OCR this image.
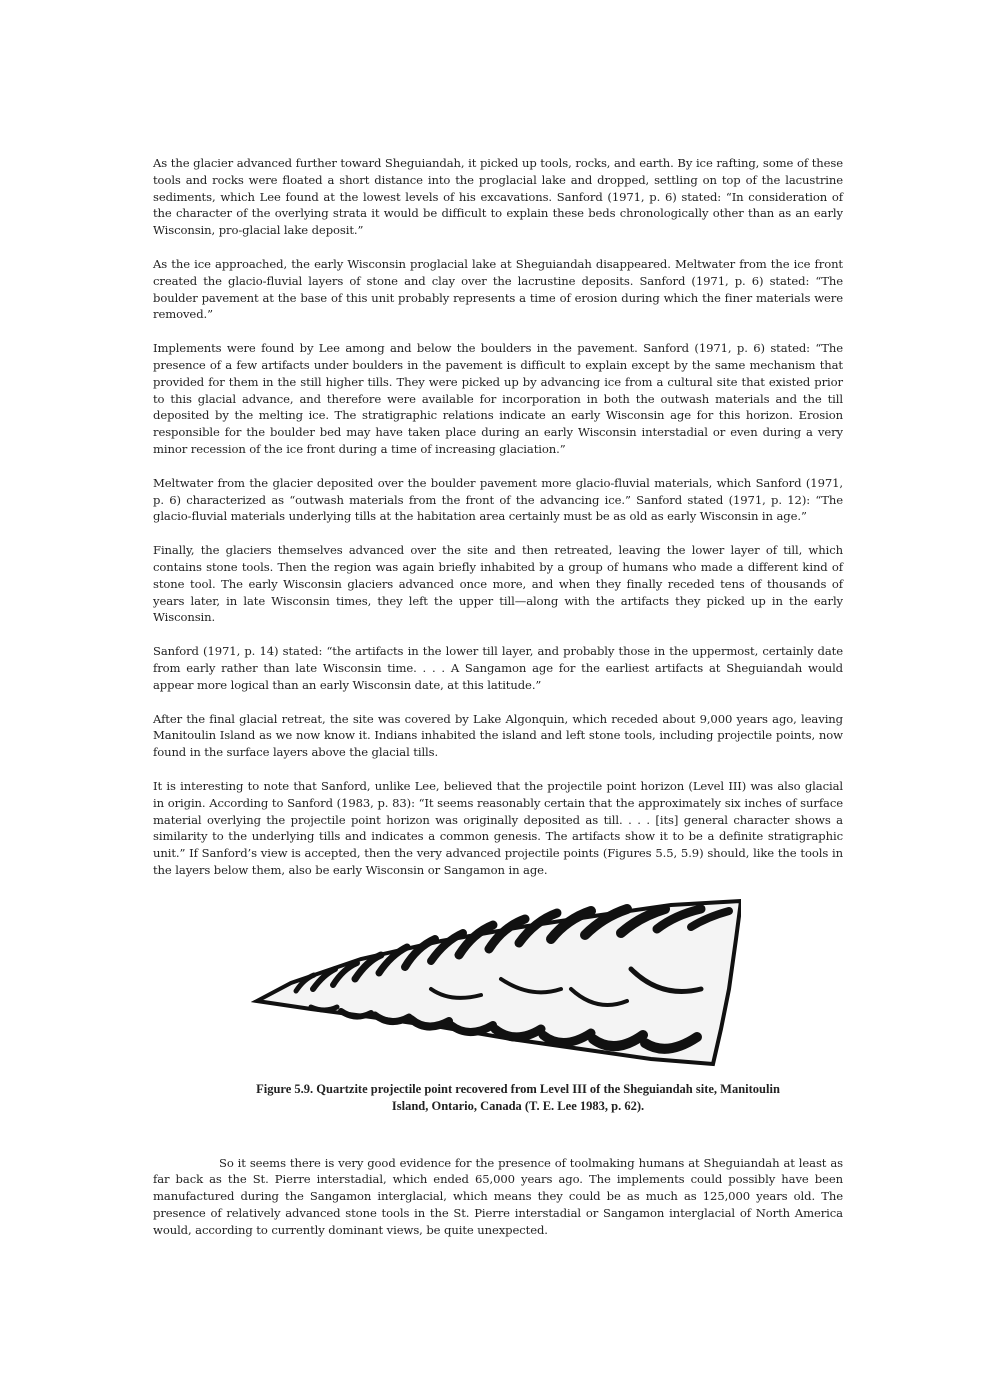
As the glacier advanced further toward Sheguiandah, it picked up tools, rocks, and earth. By ice rafting, some of these tools and rocks were floated a short distance into the proglacial lake and dropped, settling on top of the lacustrine sediments, which Lee found at the lowest levels of his excavations. Sanford (1971, p. 6) stated: “In consideration of the character of the overlying strata it would be difficult to explain these beds chronologically other than as an early Wisconsin, pro-glacial lake deposit.”

As the ice approached, the early Wisconsin proglacial lake at Sheguiandah disappeared. Meltwater from the ice front created the glacio-fluvial layers of stone and clay over the lacrustine deposits. Sanford (1971, p. 6) stated: “The boulder pavement at the base of this unit probably represents a time of erosion during which the finer materials were removed.”

Implements were found by Lee among and below the boulders in the pavement. Sanford (1971, p. 6) stated: “The presence of a few artifacts under boulders in the pavement is difficult to explain except by the same mechanism that provided for them in the still higher tills. They were picked up by advancing ice from a cultural site that existed prior to this glacial advance, and therefore were available for incorporation in both the outwash materials and the till deposited by the melting ice. The stratigraphic relations indicate an early Wisconsin age for this horizon. Erosion responsible for the boulder bed may have taken place during an early Wisconsin interstadial or even during a very minor recession of the ice front during a time of increasing glaciation.”

Meltwater from the glacier deposited over the boulder pavement more glacio-fluvial materials, which Sanford (1971, p. 6) characterized as “outwash materials from the front of the advancing ice.” Sanford stated (1971, p. 12): “The glacio-fluvial materials underlying tills at the habitation area certainly must be as old as early Wisconsin in age.”

Finally, the glaciers themselves advanced over the site and then retreated, leaving the lower layer of till, which contains stone tools. Then the region was again briefly inhabited by a group of humans who made a different kind of stone tool. The early Wisconsin glaciers advanced once more, and when they finally receded tens of thousands of years later, in late Wisconsin times, they left the upper till—along with the artifacts they picked up in the early Wisconsin.

Sanford (1971, p. 14) stated: “the artifacts in the lower till layer, and probably those in the uppermost, certainly date from early rather than late Wisconsin time. . . . A Sangamon age for the earliest artifacts at Sheguiandah would appear more logical than an early Wisconsin date, at this latitude.”

After the final glacial retreat, the site was covered by Lake Algonquin, which receded about 9,000 years ago, leaving Manitoulin Island as we now know it. Indians inhabited the island and left stone tools, including projectile points, now found in the surface layers above the glacial tills.

It is interesting to note that Sanford, unlike Lee, believed that the projectile point horizon (Level III) was also glacial in origin. According to Sanford (1983, p. 83): “It seems reasonably certain that the approximately six inches of surface material overlying the projectile point horizon was originally deposited as till. . . . [its] general character shows a similarity to the underlying tills and indicates a common genesis. The artifacts show it to be a definite stratigraphic unit.” If Sanford’s view is accepted, then the very advanced projectile points (Figures 5.5, 5.9) should, like the tools in the layers below them, also be early Wisconsin or Sangamon in age.

Figure 5.9. Quartzite projectile point recovered from Level III of the Sheguiandah site, Manitoulin
Island, Ontario, Canada (T. E. Lee 1983, p. 62).

So it seems there is very good evidence for the presence of toolmaking humans at Sheguiandah at least as far back as the St. Pierre interstadial, which ended 65,000 years ago. The implements could possibly have been manufactured during the Sangamon interglacial, which means they could be as much as 125,000 years old. The presence of relatively advanced stone tools in the St. Pierre interstadial or Sangamon interglacial of North America would, according to currently dominant views, be quite unexpected.
